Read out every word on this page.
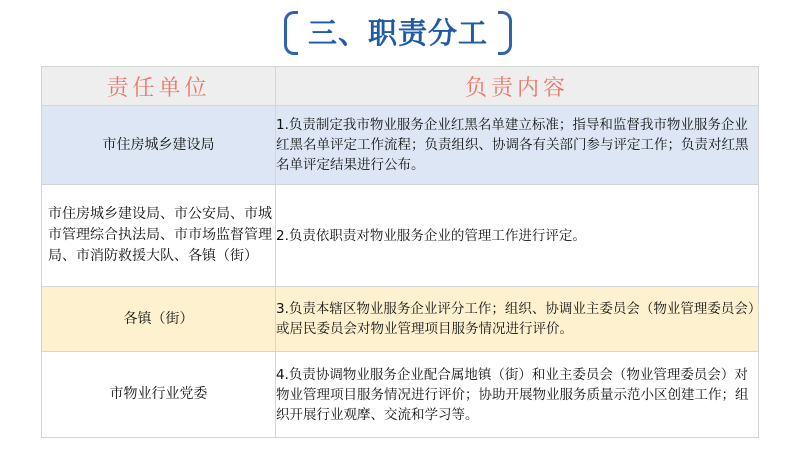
三、职责分工
责任单位	负责内容
市住房城乡建设局	1.负责制定我市物业服务企业红黑名单建立标准；指导和监督我市物业服务企业红黑名单评定工作流程；负责组织、协调各有关部门参与评定工作；负责对红黑名单评定结果进行公布。
市住房城乡建设局、市公安局、市城市管理综合执法局、市市场监督管理局、市消防救援大队、各镇（街）	2.负责依职责对物业服务企业的管理工作进行评定。
各镇（街）	3.负责本辖区物业服务企业评分工作；组织、协调业主委员会（物业管理委员会）或居民委员会对物业管理项目服务情况进行评价。
市物业行业党委	4.负责协调物业服务企业配合属地镇（街）和业主委员会（物业管理委员会）对物业管理项目服务情况进行评价；协助开展物业服务质量示范小区创建工作；组织开展行业观摩、交流和学习等。
